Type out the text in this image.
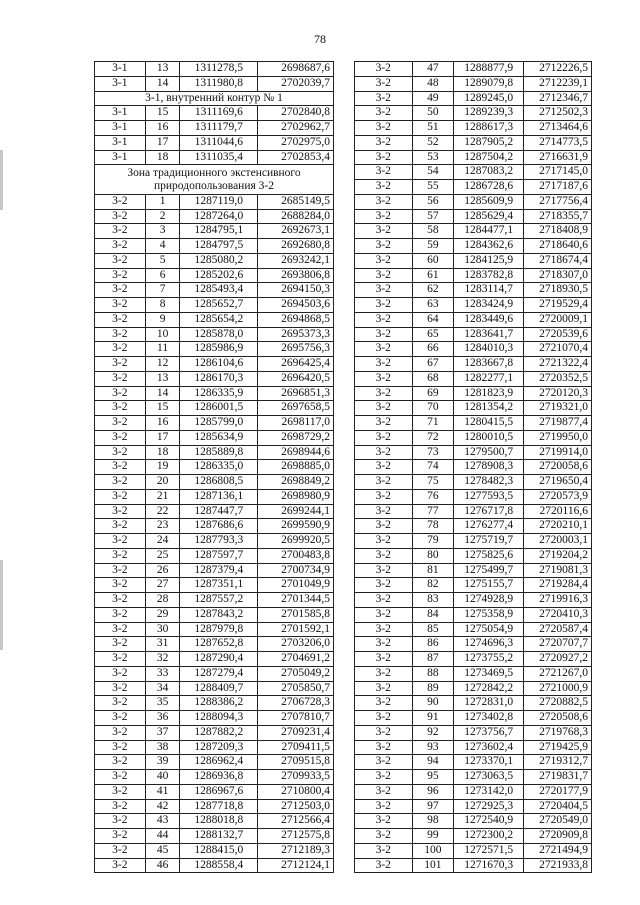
78
3-1	13	1311278,5	2698687,6
3-1	14	1311980,8	2702039,7
3-1, внутренний контур № 1			
3-1	15	1311169,6	2702840,8
3-1	16	1311179,7	2702962,7
3-1	17	1311044,6	2702975,0
3-1	18	1311035,4	2702853,4
Зона традиционного экстенсивного природопользования 3-2			
3-2	1	1287119,0	2685149,5
3-2	2	1287264,0	2688284,0
3-2	3	1284795,1	2692673,1
3-2	4	1284797,5	2692680,8
3-2	5	1285080,2	2693242,1
3-2	6	1285202,6	2693806,8
3-2	7	1285493,4	2694150,3
3-2	8	1285652,7	2694503,6
3-2	9	1285654,2	2694868,5
3-2	10	1285878,0	2695373,3
3-2	11	1285986,9	2695756,3
3-2	12	1286104,6	2696425,4
3-2	13	1286170,3	2696420,5
3-2	14	1286335,9	2696851,3
3-2	15	1286001,5	2697658,5
3-2	16	1285799,0	2698117,0
3-2	17	1285634,9	2698729,2
3-2	18	1285889,8	2698944,6
3-2	19	1286335,0	2698885,0
3-2	20	1286808,5	2698849,2
3-2	21	1287136,1	2698980,9
3-2	22	1287447,7	2699244,1
3-2	23	1287686,6	2699590,9
3-2	24	1287793,3	2699920,5
3-2	25	1287597,7	2700483,8
3-2	26	1287379,4	2700734,9
3-2	27	1287351,1	2701049,9
3-2	28	1287557,2	2701344,5
3-2	29	1287843,2	2701585,8
3-2	30	1287979,8	2701592,1
3-2	31	1287652,8	2703206,0
3-2	32	1287290,4	2704691,2
3-2	33	1287279,4	2705049,2
3-2	34	1288409,7	2705850,7
3-2	35	1288386,2	2706728,3
3-2	36	1288094,3	2707810,7
3-2	37	1287882,2	2709231,4
3-2	38	1287209,3	2709411,5
3-2	39	1286962,4	2709515,8
3-2	40	1286936,8	2709933,5
3-2	41	1286967,6	2710800,4
3-2	42	1287718,8	2712503,0
3-2	43	1288018,8	2712566,4
3-2	44	1288132,7	2712575,8
3-2	45	1288415,0	2712189,3
3-2	46	1288558,4	2712124,1
3-2	47	1288877,9	2712226,5
3-2	48	1289079,8	2712239,1
3-2	49	1289245,0	2712346,7
3-2	50	1289239,3	2712502,3
3-2	51	1288617,3	2713464,6
3-2	52	1287905,2	2714773,5
3-2	53	1287504,2	2716631,9
3-2	54	1287083,2	2717145,0
3-2	55	1286728,6	2717187,6
3-2	56	1285609,9	2717756,4
3-2	57	1285629,4	2718355,7
3-2	58	1284477,1	2718408,9
3-2	59	1284362,6	2718640,6
3-2	60	1284125,9	2718674,4
3-2	61	1283782,8	2718307,0
3-2	62	1283114,7	2718930,5
3-2	63	1283424,9	2719529,4
3-2	64	1283449,6	2720009,1
3-2	65	1283641,7	2720539,6
3-2	66	1284010,3	2721070,4
3-2	67	1283667,8	2721322,4
3-2	68	1282277,1	2720352,5
3-2	69	1281823,9	2720120,3
3-2	70	1281354,2	2719321,0
3-2	71	1280415,5	2719877,4
3-2	72	1280010,5	2719950,0
3-2	73	1279500,7	2719914,0
3-2	74	1278908,3	2720058,6
3-2	75	1278482,3	2719650,4
3-2	76	1277593,5	2720573,9
3-2	77	1276717,8	2720116,6
3-2	78	1276277,4	2720210,1
3-2	79	1275719,7	2720003,1
3-2	80	1275825,6	2719204,2
3-2	81	1275499,7	2719081,3
3-2	82	1275155,7	2719284,4
3-2	83	1274928,9	2719916,3
3-2	84	1275358,9	2720410,3
3-2	85	1275054,9	2720587,4
3-2	86	1274696,3	2720707,7
3-2	87	1273755,2	2720927,2
3-2	88	1273469,5	2721267,0
3-2	89	1272842,2	2721000,9
3-2	90	1272831,0	2720882,5
3-2	91	1273402,8	2720508,6
3-2	92	1273756,7	2719768,3
3-2	93	1273602,4	2719425,9
3-2	94	1273370,1	2719312,7
3-2	95	1273063,5	2719831,7
3-2	96	1273142,0	2720177,9
3-2	97	1272925,3	2720404,5
3-2	98	1272540,9	2720549,0
3-2	99	1272300,2	2720909,8
3-2	100	1272571,5	2721494,9
3-2	101	1271670,3	2721933,8
